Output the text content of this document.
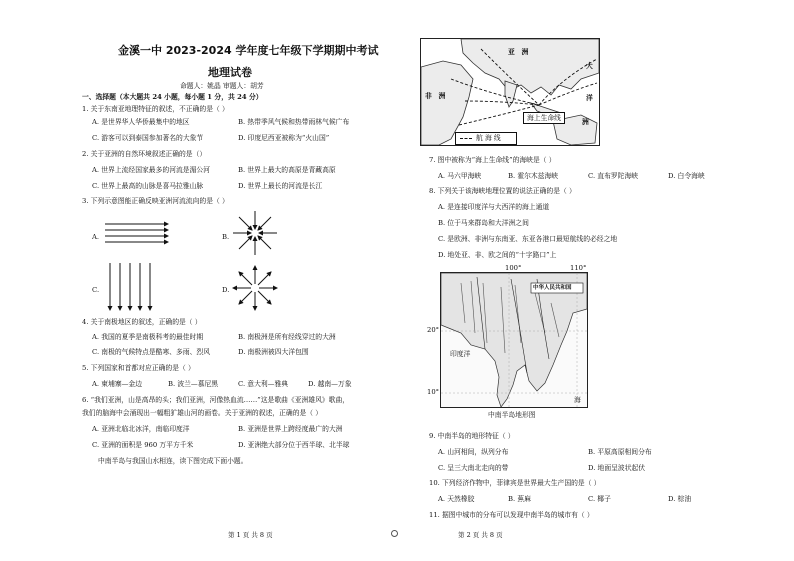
金溪一中 2023-2024 学年度七年级下学期期中考试
地理试卷
命题人：姚晶 审题人：胡芳
一、选择题（本大题共 24 小题，每小题 1 分，共 24 分）
1. 关于东南亚地理特征的叙述，不正确的是（ ）
A. 是世界华人华侨最集中的地区	B. 热带季风气候和热带雨林气候广布
C. 游客可以到泰国参加著名的大象节	D. 印度尼西亚被称为“火山国”
2. 关于亚洲的自然环境叙述正确的是（）
A. 世界上流经国家最多的河流是湄公河	B. 世界上最大的高原是青藏高原
C. 世界上最高的山脉是喜马拉雅山脉	D. 世界上最长的河流是长江
3. 下列示意图能正确反映亚洲河流流向的是（ ）
A.	B.
C.	D.
4. 关于南极地区的叙述，正确的是（ ）
A. 我国的夏季是南极科考的最佳时期	B. 南极洲是所有经线穿过的大洲
C. 南极的气候特点是酷寒、多雨、烈风	D. 南极洲被四大洋包围
5. 下列国家和首都对应正确的是（ ）
A. 柬埔寨—金边	B. 波兰—慕尼黑	C. 意大利—雅典	D. 越南—万象
6. “我们亚洲，山是高昂的头；我们亚洲，河像热血流……”这是歌曲《亚洲雄风》歌曲，
我们的脑海中会涌现出一幅粗犷雄山河的画卷。关于亚洲的叙述，正确的是（ ）
A. 亚洲北临北冰洋，南临印度洋	B. 亚洲是世界上跨经度最广的大洲
C. 亚洲的面积是 960 万平方千米	D. 亚洲绝大部分位于西半球、北半球
中南半岛与我国山水相连，读下图完成下面小题。
第 1 页 共 8 页
亚　洲
非　洲
大
洋
洲
海上生命线
航 海 线
7. 图中被称为“海上生命线”的海峡是（ ）
A. 马六甲海峡	B. 霍尔木兹海峡	C. 直布罗陀海峡	D. 白令海峡
8. 下列关于该海峡地理位置的说法正确的是（ ）
A. 是连接印度洋与大西洋的海上通道
B. 位于马来群岛和大洋洲之间
C. 是欧洲、非洲与东南亚、东亚各港口最短航线的必经之地
D. 地处亚、非、欧之间的“十字路口”上
100°	110°
20°
10°
中华人民共和国
印度洋
海
中南半岛地形图
9. 中南半岛的地形特征（ ）
A. 山河相间，纵列分布	B. 平原高原相间分布
C. 呈三大南北走向的带	D. 地面呈波状起伏
10. 下列经济作物中，菲律宾是世界最大生产国的是（ ）
A. 天然橡胶	B. 蕉麻	C. 椰子	D. 棕油
11. 据图中城市的分布可以发现中南半岛的城市有（ ）
第 2 页 共 8 页
